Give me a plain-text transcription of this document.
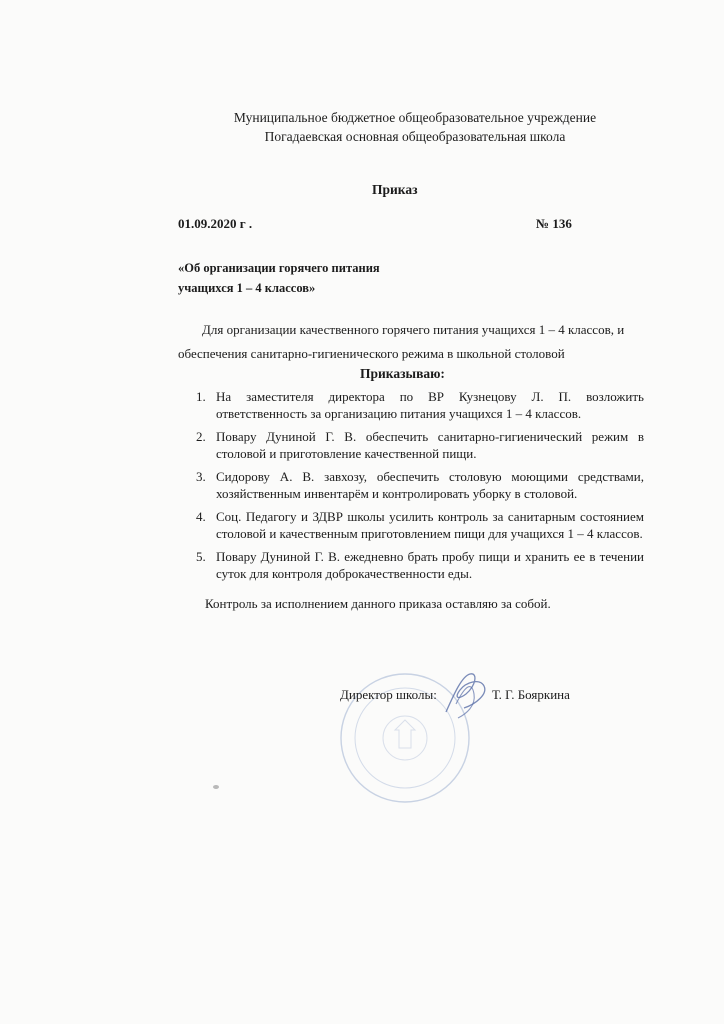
Муниципальное бюджетное общеобразовательное учреждение
Погадаевская основная общеобразовательная школа
Приказ
01.09.2020 г .	№ 136
«Об организации горячего питания
учащихся 1 – 4 классов»
Для организации качественного горячего питания учащихся 1 – 4 классов, и
обеспечения санитарно-гигиенического режима в школьной столовой
Приказываю:
1. На заместителя директора по ВР Кузнецову Л. П. возложить ответственность за организацию питания учащихся 1 – 4 классов.
2. Повару Дуниной Г. В. обеспечить санитарно-гигиенический режим в столовой и приготовление качественной пищи.
3. Сидорову А. В. завхозу, обеспечить столовую моющими средствами, хозяйственным инвентарём и контролировать уборку в столовой.
4. Соц. Педагогу и ЗДВР школы усилить контроль за санитарным состоянием столовой и качественным приготовлением пищи для учащихся 1 – 4 классов.
5. Повару Дуниной Г. В. ежедневно брать пробу пищи и хранить ее в течении суток для контроля доброкачественности еды.
Контроль за исполнением данного приказа оставляю за собой.
Директор школы:	Т. Г. Бояркина
